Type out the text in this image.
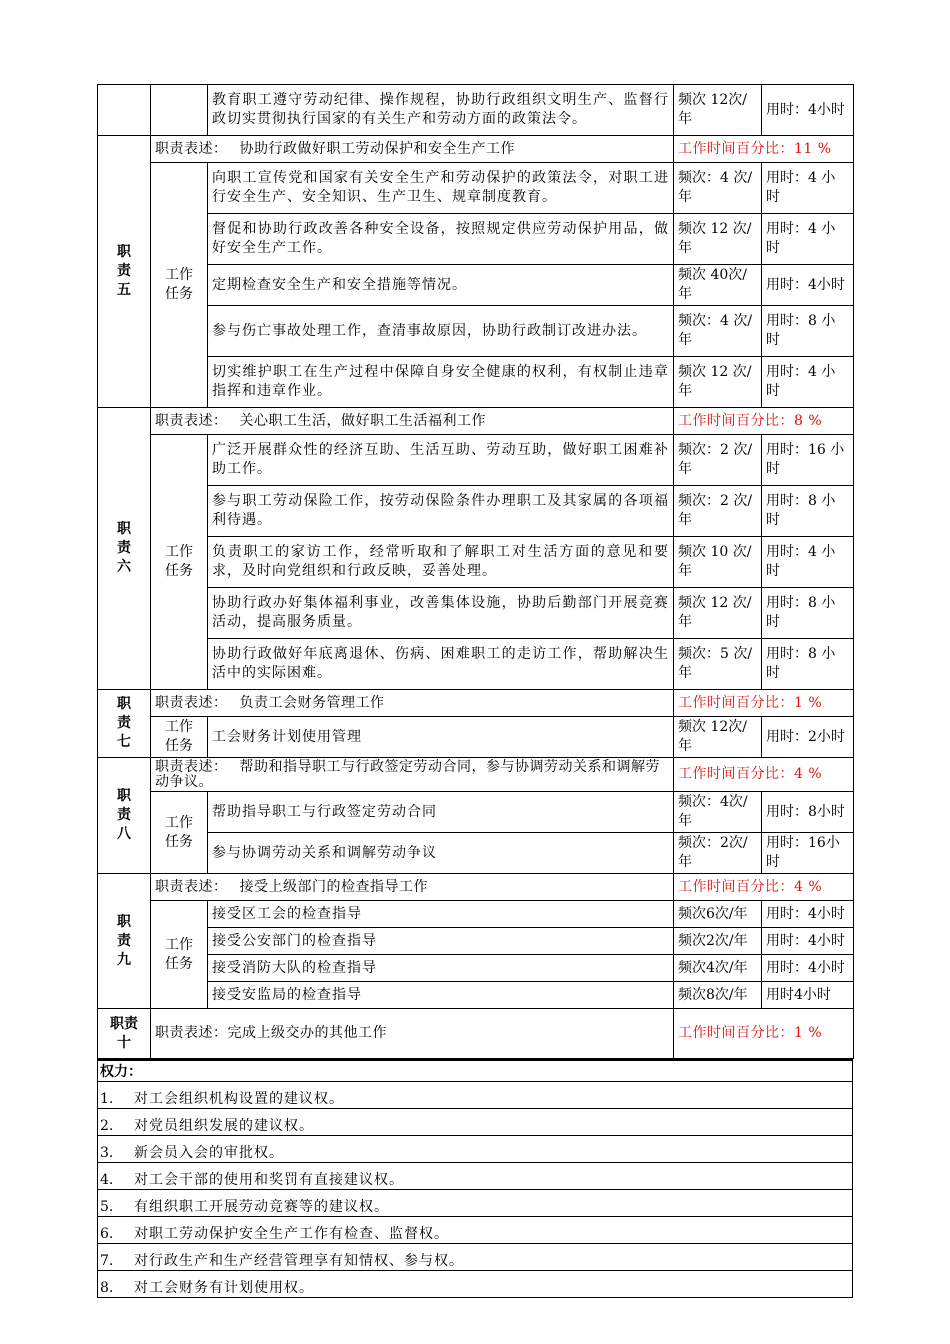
		教育职工遵守劳动纪律、操作规程，协助行政组织文明生产、监督行政切实贯彻执行国家的有关生产和劳动方面的政策法令。	频次 12次/年	用时：4小时

职
责
五	职责表述： 协助行政做好职工劳动保护和安全生产工作		工作时间百分比：11 %	

	工作
任务	向职工宣传党和国家有关安全生产和劳动保护的政策法令，对职工进行安全生产、安全知识、生产卫生、规章制度教育。	频次：4 次/年	用时：4 小时
		督促和协助行政改善各种安全设备，按照规定供应劳动保护用品，做好安全生产工作。	频次 12 次/年	用时：4 小时
		定期检查安全生产和安全措施等情况。	频次 40次/年	用时：4小时
		参与伤亡事故处理工作，查清事故原因，协助行政制订改进办法。	频次：4 次/年	用时：8 小时
		切实维护职工在生产过程中保障自身安全健康的权利，有权制止违章指挥和违章作业。	频次 12 次/年	用时：4 小时

职
责
六	职责表述： 关心职工生活，做好职工生活福利工作		工作时间百分比：8 %	

	工作
任务	广泛开展群众性的经济互助、生活互助、劳动互助，做好职工困难补助工作。	频次：2 次/年	用时：16 小时
		参与职工劳动保险工作，按劳动保险条件办理职工及其家属的各项福利待遇。	频次：2 次/年	用时：8 小时
		负责职工的家访工作，经常听取和了解职工对生活方面的意见和要求，及时向党组织和行政反映，妥善处理。	频次 10 次/年	用时：4 小时
		协助行政办好集体福利事业，改善集体设施，协助后勤部门开展竞赛活动，提高服务质量。	频次 12 次/年	用时：8 小时
		协助行政做好年底离退休、伤病、困难职工的走访工作，帮助解决生活中的实际困难。	频次：5 次/年	用时：8 小时

职
责
七	职责表述： 负责工会财务管理工作		工作时间百分比：1 %	

	工作
任务	工会财务计划使用管理	频次 12次/年	用时：2小时

职
责
八	职责表述： 帮助和指导职工与行政签定劳动合同，参与协调劳动关系和调解劳动争议。		工作时间百分比：4 %	

	工作
任务	帮助指导职工与行政签定劳动合同	频次：4次/年	用时：8小时
		参与协调劳动关系和调解劳动争议	频次：2次/年	用时：16小时

职
责
九	职责表述： 接受上级部门的检查指导工作		工作时间百分比：4 %	

	工作
任务	接受区工会的检查指导	频次6次/年	用时：4小时
		接受公安部门的检查指导	频次2次/年	用时：4小时
		接受消防大队的检查指导	频次4次/年	用时：4小时
		接受安监局的检查指导	频次8次/年	用时4小时

职责
十	职责表述：完成上级交办的其他工作		工作时间百分比：1 %	
权力：
1. 对工会组织机构设置的建议权。
2. 对党员组织发展的建议权。
3. 新会员入会的审批权。
4. 对工会干部的使用和奖罚有直接建议权。
5. 有组织职工开展劳动竞赛等的建议权。
6. 对职工劳动保护安全生产工作有检查、监督权。
7. 对行政生产和生产经营管理享有知情权、参与权。
8. 对工会财务有计划使用权。
